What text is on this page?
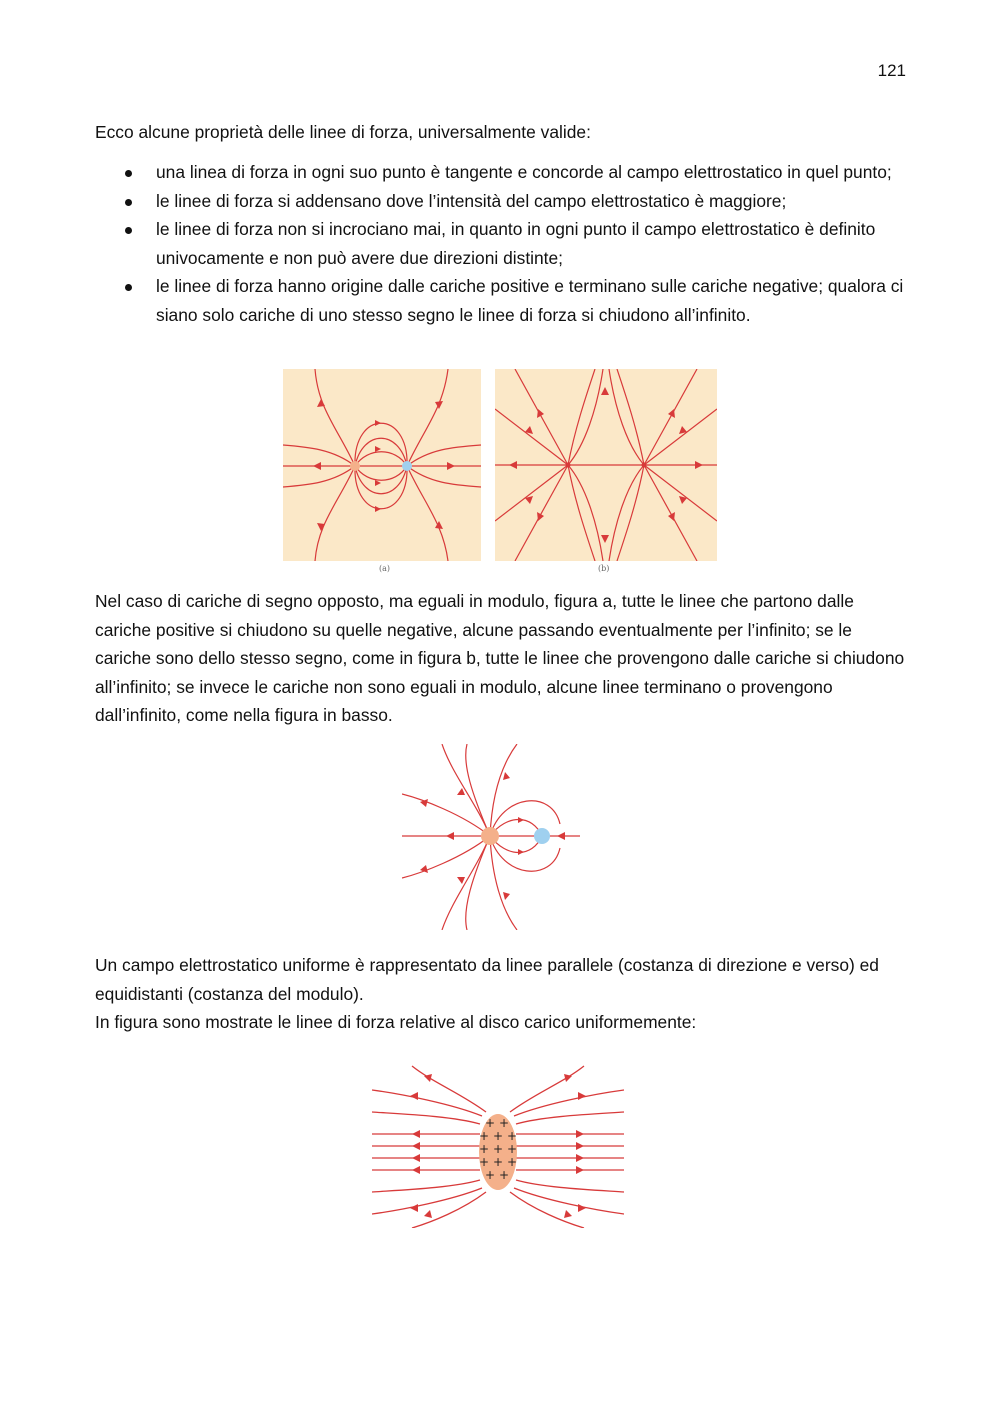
121
Ecco alcune proprietà delle linee di forza, universalmente valide:
una linea di forza in ogni suo punto è tangente e concorde al campo elettrostatico in quel punto;
le linee di forza si addensano dove l’intensità del campo elettrostatico è maggiore;
le linee di forza non si incrociano mai, in quanto in ogni punto il campo elettrostatico è definito univocamente e non può avere due direzioni distinte;
le linee di forza hanno origine dalle cariche positive e terminano sulle cariche negative; qualora ci siano solo cariche di uno stesso segno le linee di forza si chiudono all’infinito.
(a)	(b)
Nel caso di cariche di segno opposto, ma eguali in modulo, figura a, tutte le linee che partono dalle cariche positive si chiudono su quelle negative, alcune passando eventualmente per l’infinito; se le cariche sono dello stesso segno, come in figura b, tutte le linee che provengono dalle cariche si chiudono all’infinito; se invece le cariche non sono eguali in modulo, alcune linee terminano o provengono dall’infinito, come nella figura in basso.
Un campo elettrostatico uniforme è rappresentato da linee parallele (costanza di direzione e verso) ed equidistanti (costanza del modulo).
In figura sono mostrate le linee di forza relative al disco carico uniformemente:
+ +
+ + +
+ + +
+ + +
+ +
